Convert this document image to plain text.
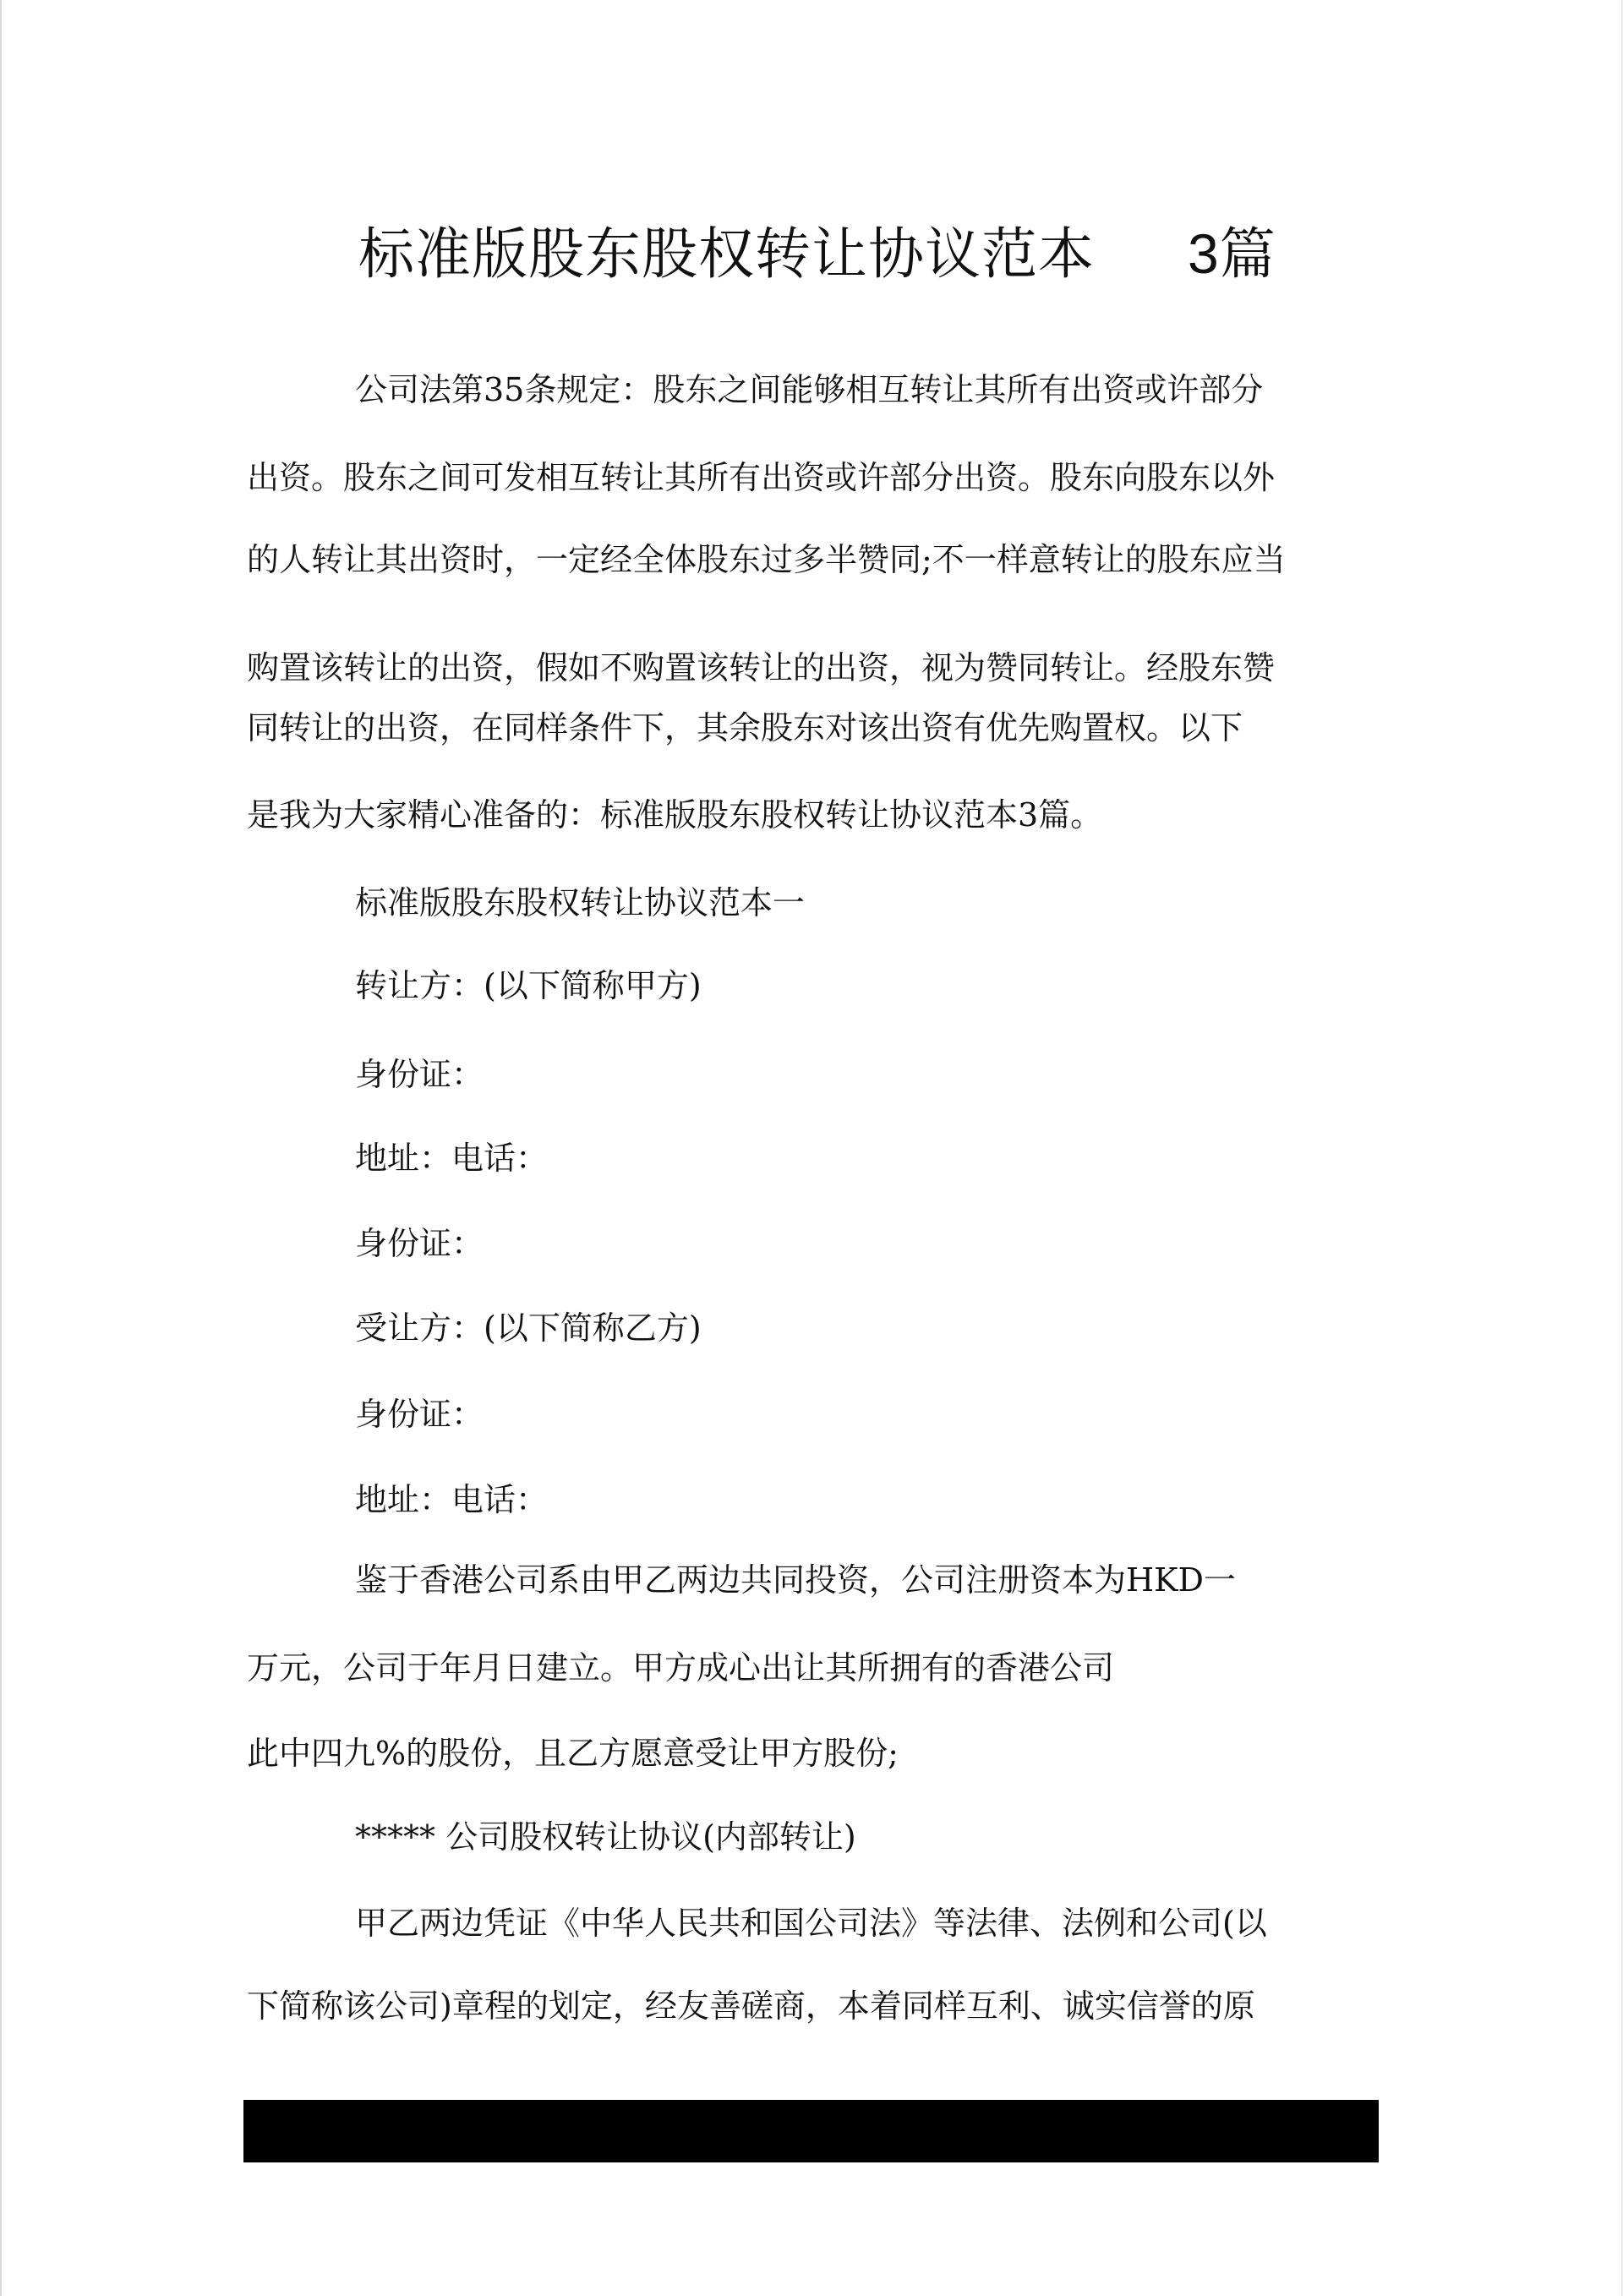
标准版股东股权转让协议范本 3篇
公司法第35条规定：股东之间能够相互转让其所有出资或许部分
出资。股东之间可发相互转让其所有出资或许部分出资。股东向股东以外
的人转让其出资时，一定经全体股东过多半赞同;不一样意转让的股东应当
购置该转让的出资，假如不购置该转让的出资，视为赞同转让。经股东赞
同转让的出资，在同样条件下，其余股东对该出资有优先购置权。以下
是我为大家精心准备的：标准版股东股权转让协议范本3篇。
标准版股东股权转让协议范本一
转让方：(以下简称甲方)
身份证：
地址：电话：
身份证：
受让方：(以下简称乙方)
身份证：
地址：电话：
鉴于香港公司系由甲乙两边共同投资，公司注册资本为HKD一
万元，公司于年月日建立。甲方成心出让其所拥有的香港公司
此中四九%的股份，且乙方愿意受让甲方股份;
***** 公司股权转让协议(内部转让)
甲乙两边凭证《中华人民共和国公司法》等法律、法例和公司(以
下简称该公司)章程的划定，经友善磋商，本着同样互利、诚实信誉的原
